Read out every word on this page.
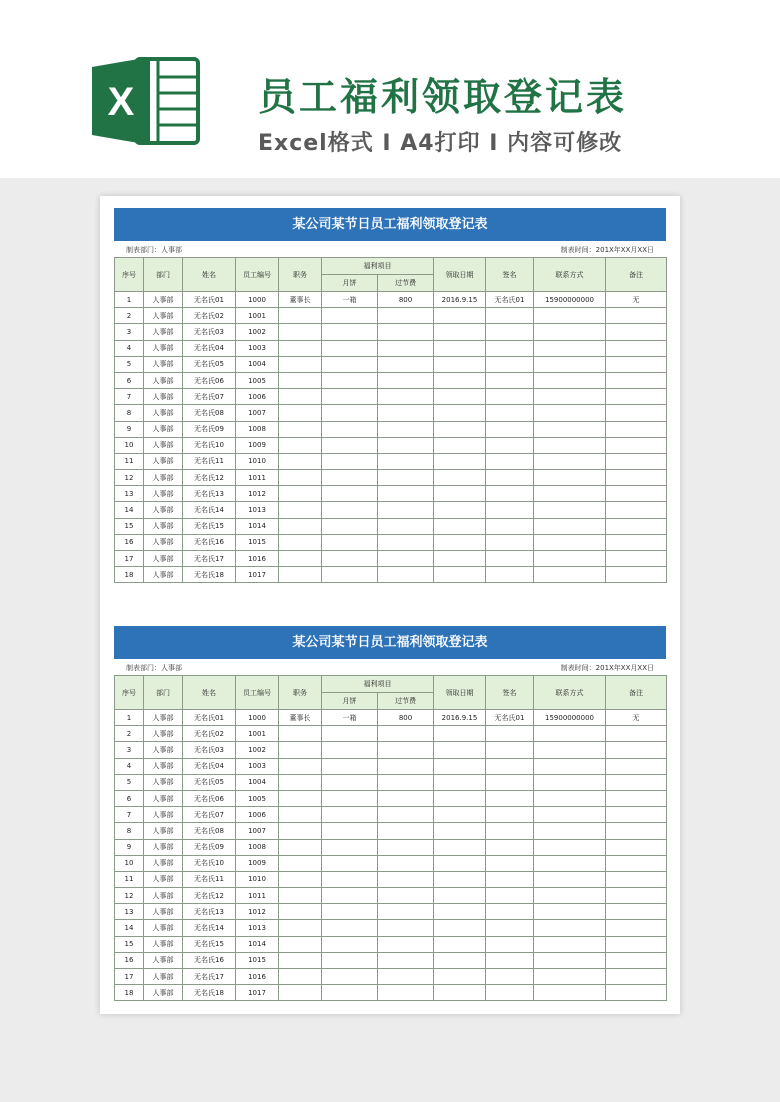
X	员工福利领取登记表
Excel格式 Ⅰ A4打印 Ⅰ 内容可修改
某公司某节日员工福利领取登记表
制表部门：人事部	制表时间：201X年XX月XX日
序号	部门	姓名	员工编号	职务	福利项目		领取日期	签名	联系方式	备注
					月饼	过节费				
1	人事部	无名氏01	1000	董事长	一箱	800	2016.9.15	无名氏01	15900000000	无
2	人事部	无名氏02	1001							
3	人事部	无名氏03	1002							
4	人事部	无名氏04	1003							
5	人事部	无名氏05	1004							
6	人事部	无名氏06	1005							
7	人事部	无名氏07	1006							
8	人事部	无名氏08	1007							
9	人事部	无名氏09	1008							
10	人事部	无名氏10	1009							
11	人事部	无名氏11	1010							
12	人事部	无名氏12	1011							
13	人事部	无名氏13	1012							
14	人事部	无名氏14	1013							
15	人事部	无名氏15	1014							
16	人事部	无名氏16	1015							
17	人事部	无名氏17	1016							
18	人事部	无名氏18	1017							
某公司某节日员工福利领取登记表
制表部门：人事部	制表时间：201X年XX月XX日
序号	部门	姓名	员工编号	职务	福利项目		领取日期	签名	联系方式	备注
					月饼	过节费				
1	人事部	无名氏01	1000	董事长	一箱	800	2016.9.15	无名氏01	15900000000	无
2	人事部	无名氏02	1001							
3	人事部	无名氏03	1002							
4	人事部	无名氏04	1003							
5	人事部	无名氏05	1004							
6	人事部	无名氏06	1005							
7	人事部	无名氏07	1006							
8	人事部	无名氏08	1007							
9	人事部	无名氏09	1008							
10	人事部	无名氏10	1009							
11	人事部	无名氏11	1010							
12	人事部	无名氏12	1011							
13	人事部	无名氏13	1012							
14	人事部	无名氏14	1013							
15	人事部	无名氏15	1014							
16	人事部	无名氏16	1015							
17	人事部	无名氏17	1016							
18	人事部	无名氏18	1017							
